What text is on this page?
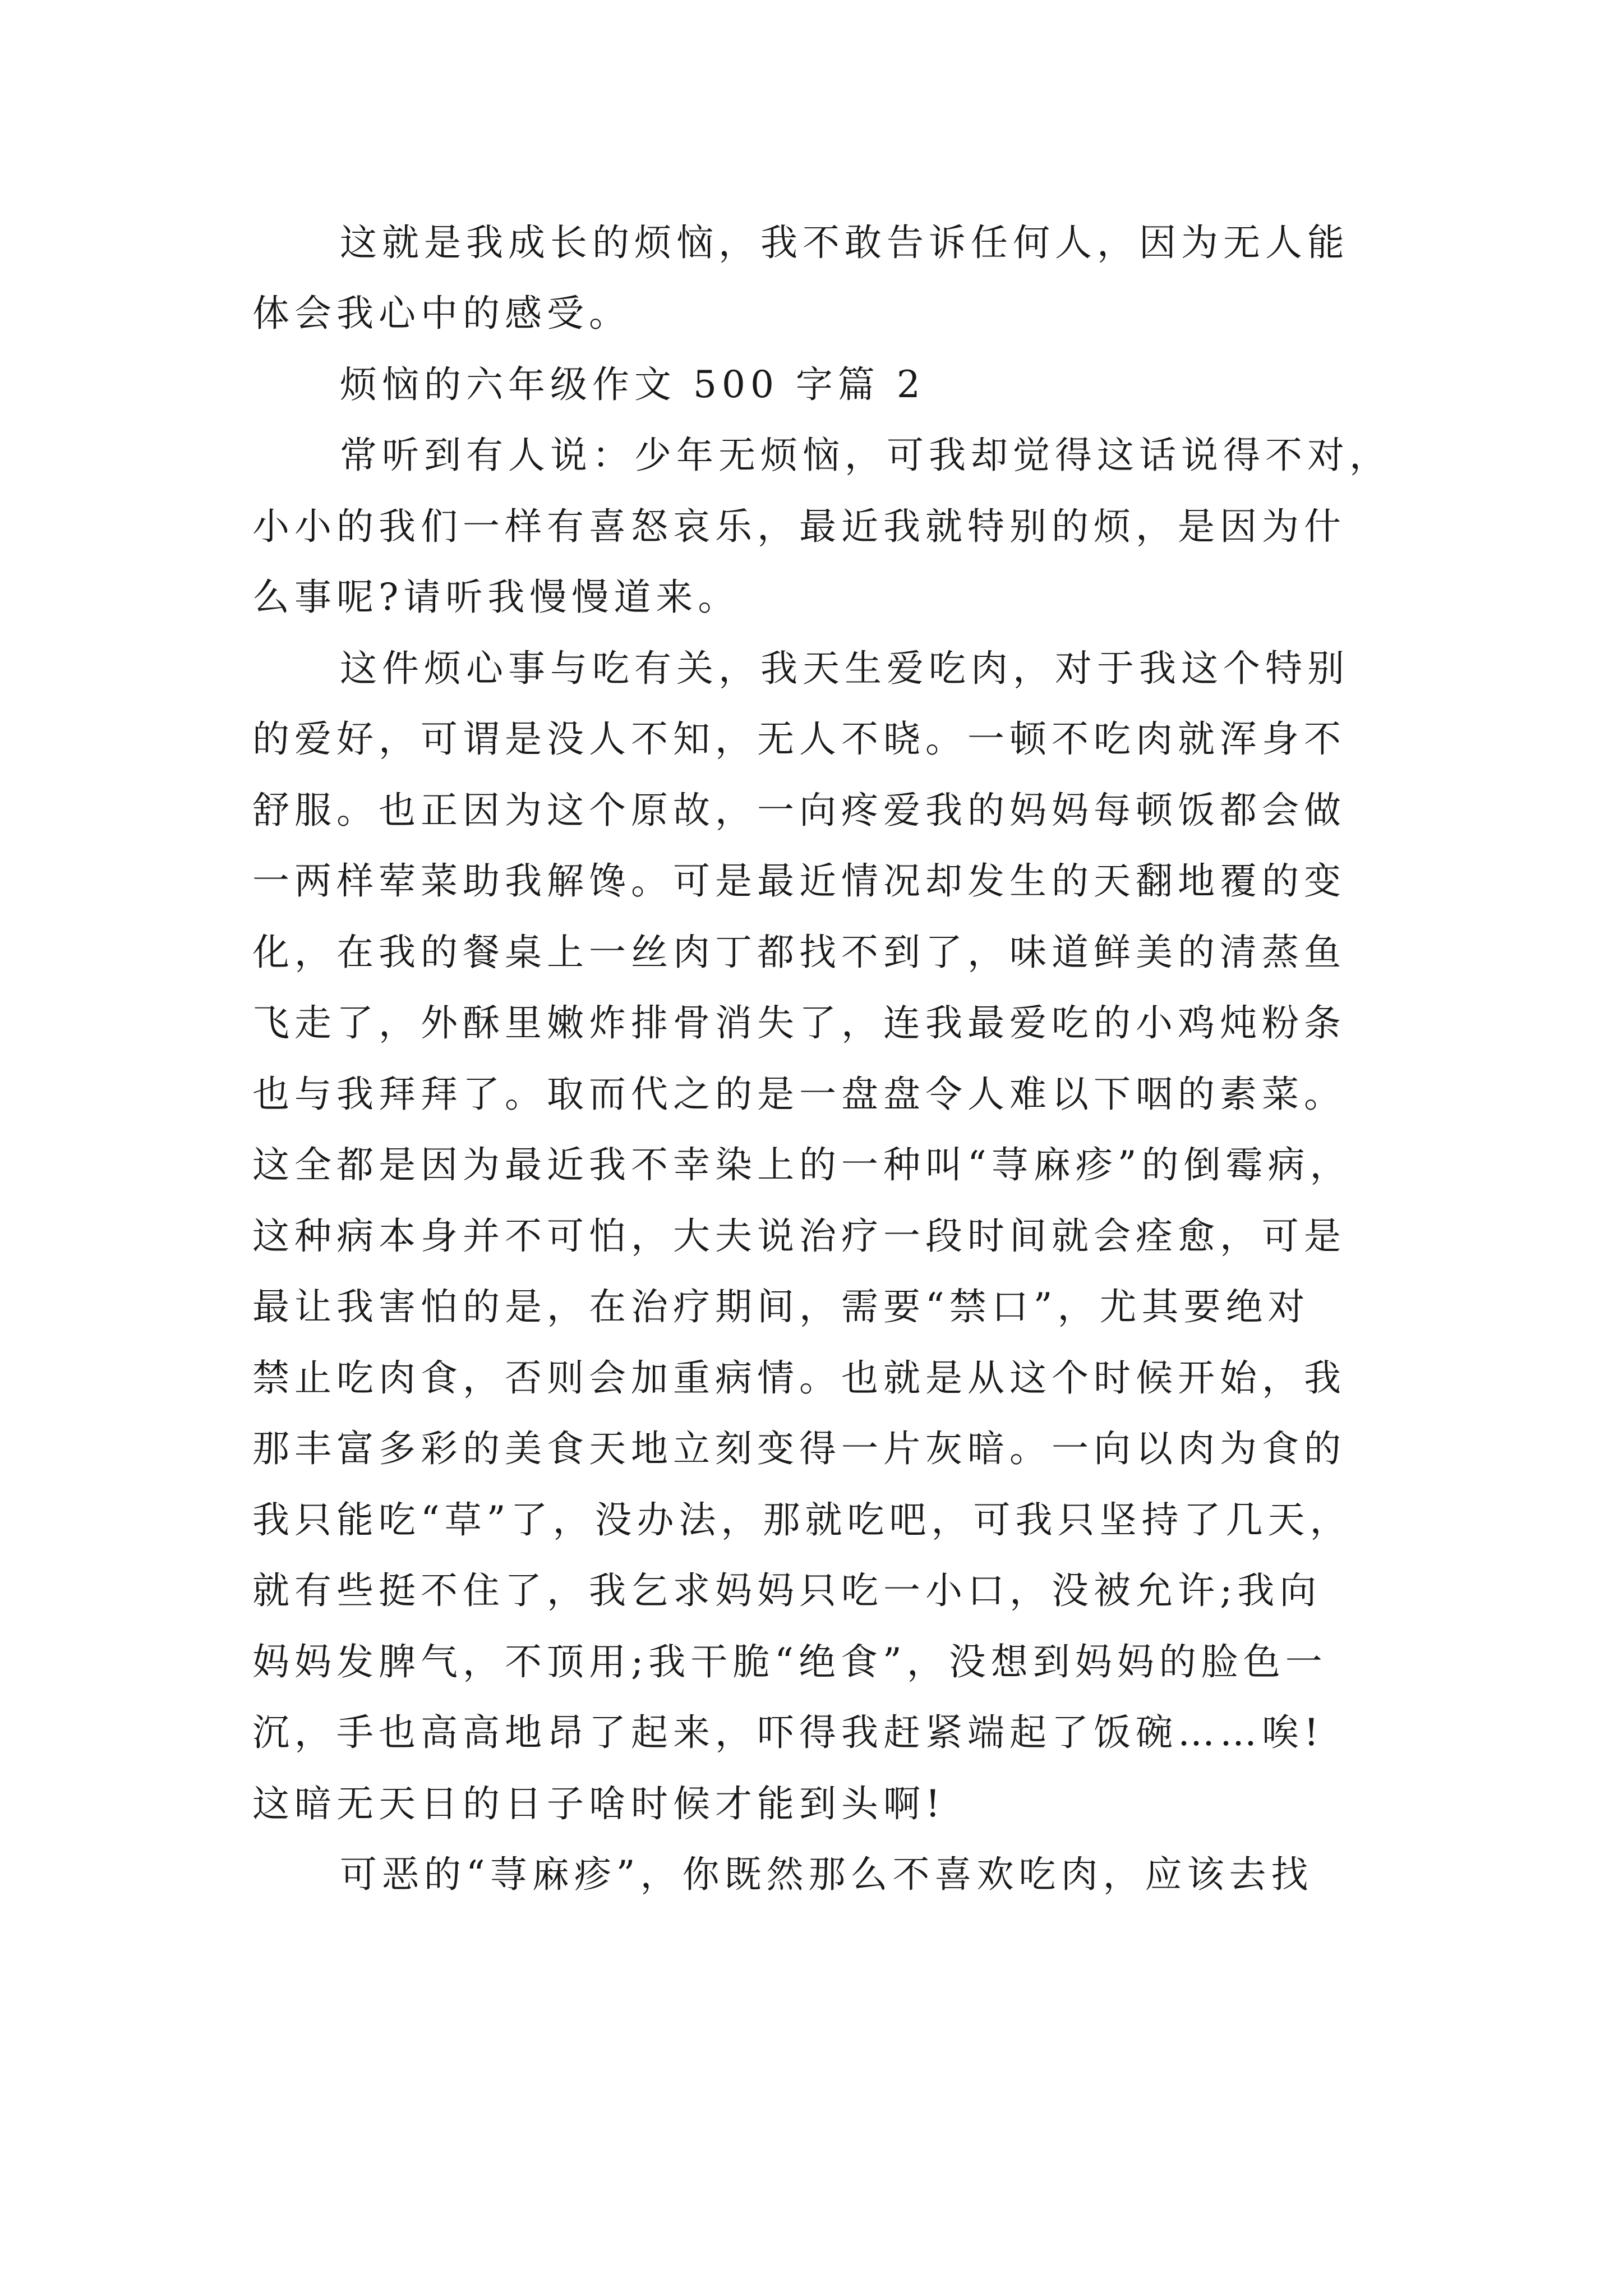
这就是我成长的烦恼，我不敢告诉任何人，因为无人能
体会我心中的感受。
烦恼的六年级作文 500 字篇 2
常听到有人说：少年无烦恼，可我却觉得这话说得不对，
小小的我们一样有喜怒哀乐，最近我就特别的烦，是因为什
么事呢?请听我慢慢道来。
这件烦心事与吃有关，我天生爱吃肉，对于我这个特别
的爱好，可谓是没人不知，无人不晓。一顿不吃肉就浑身不
舒服。也正因为这个原故，一向疼爱我的妈妈每顿饭都会做
一两样荤菜助我解馋。可是最近情况却发生的天翻地覆的变
化，在我的餐桌上一丝肉丁都找不到了，味道鲜美的清蒸鱼
飞走了，外酥里嫩炸排骨消失了，连我最爱吃的小鸡炖粉条
也与我拜拜了。取而代之的是一盘盘令人难以下咽的素菜。
这全都是因为最近我不幸染上的一种叫“荨麻疹”的倒霉病，
这种病本身并不可怕，大夫说治疗一段时间就会痊愈，可是
最让我害怕的是，在治疗期间，需要“禁口”，尤其要绝对
禁止吃肉食，否则会加重病情。也就是从这个时候开始，我
那丰富多彩的美食天地立刻变得一片灰暗。一向以肉为食的
我只能吃“草”了，没办法，那就吃吧，可我只坚持了几天，
就有些挺不住了，我乞求妈妈只吃一小口，没被允许;我向
妈妈发脾气，不顶用;我干脆“绝食”，没想到妈妈的脸色一
沉，手也高高地昂了起来，吓得我赶紧端起了饭碗……唉!
这暗无天日的日子啥时候才能到头啊!
可恶的“荨麻疹”，你既然那么不喜欢吃肉，应该去找
